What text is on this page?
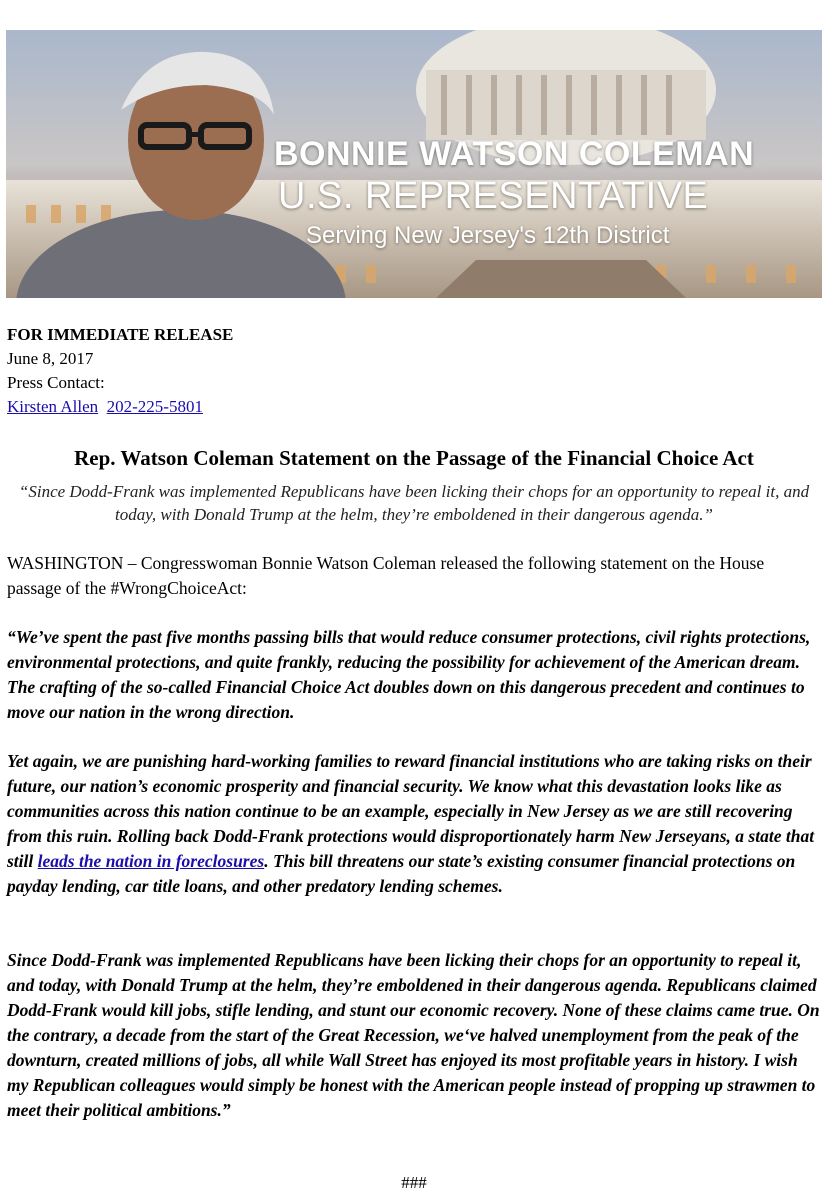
BONNIE WATSON COLEMAN
U.S. REPRESENTATIVE
Serving New Jersey's 12th District
FOR IMMEDIATE RELEASE
June 8, 2017
Press Contact:
Kirsten Allen 202-225-5801
Rep. Watson Coleman Statement on the Passage of the Financial Choice Act
“Since Dodd-Frank was implemented Republicans have been licking their chops for an opportunity to repeal it, and today, with Donald Trump at the helm, they’re emboldened in their dangerous agenda.”
WASHINGTON – Congresswoman Bonnie Watson Coleman released the following statement on the House passage of the #WrongChoiceAct:
“We’ve spent the past five months passing bills that would reduce consumer protections, civil rights protections, environmental protections, and quite frankly, reducing the possibility for achievement of the American dream. The crafting of the so-called Financial Choice Act doubles down on this dangerous precedent and continues to move our nation in the wrong direction.
Yet again, we are punishing hard-working families to reward financial institutions who are taking risks on their future, our nation’s economic prosperity and financial security. We know what this devastation looks like as communities across this nation continue to be an example, especially in New Jersey as we are still recovering from this ruin. Rolling back Dodd-Frank protections would disproportionately harm New Jerseyans, a state that still leads the nation in foreclosures. This bill threatens our state’s existing consumer financial protections on payday lending, car title loans, and other predatory lending schemes.
Since Dodd-Frank was implemented Republicans have been licking their chops for an opportunity to repeal it, and today, with Donald Trump at the helm, they’re emboldened in their dangerous agenda. Republicans claimed Dodd-Frank would kill jobs, stifle lending, and stunt our economic recovery. None of these claims came true. On the contrary, a decade from the start of the Great Recession, we‘ve halved unemployment from the peak of the downturn, created millions of jobs, all while Wall Street has enjoyed its most profitable years in history. I wish my Republican colleagues would simply be honest with the American people instead of propping up strawmen to meet their political ambitions.”
###
